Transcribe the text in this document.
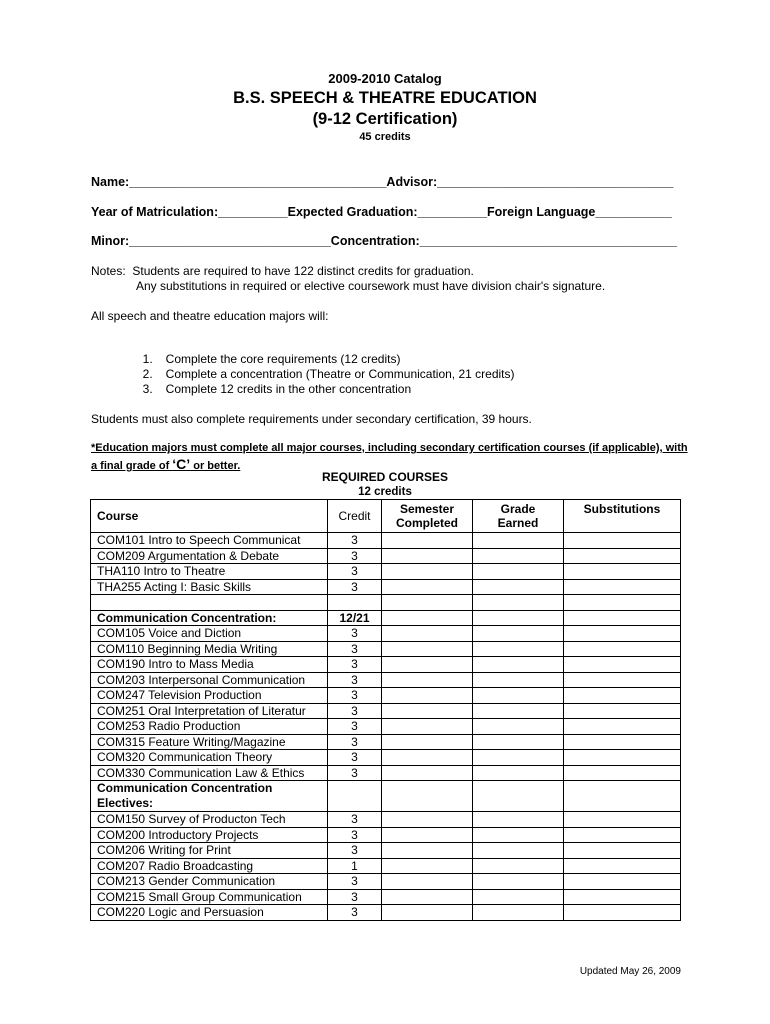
2009-2010 Catalog
B.S. SPEECH & THEATRE EDUCATION
(9-12 Certification)
45 credits
Name:_____________________________________Advisor:__________________________________
Year of Matriculation:__________Expected Graduation:__________Foreign Language___________
Minor:_____________________________Concentration:_____________________________________
Notes:  Students are required to have 122 distinct credits for graduation.
Any substitutions in required or elective coursework must have division chair's signature.
All speech and theatre education majors will:

1. Complete the core requirements (12 credits)

2. Complete a concentration (Theatre or Communication, 21 credits)

3. Complete 12 credits in the other concentration

Students must also complete requirements under secondary certification, 39 hours.
*Education majors must complete all major courses, including secondary certification courses (if applicable), with a final grade of ‘C’ or better.
REQUIRED COURSES
12 credits
Course	Credit	Semester Completed	Grade Earned	Substitutions
COM101 Intro to Speech Communicat	3			
COM209 Argumentation & Debate	3			
THA110 Intro to Theatre	3			
THA255 Acting I: Basic Skills	3			

Communication Concentration:	12/21			
COM105 Voice and Diction	3			
COM110 Beginning Media Writing	3			
COM190 Intro to Mass Media	3			
COM203 Interpersonal Communication	3			
COM247 Television Production	3			
COM251 Oral Interpretation of Literatur	3			
COM253 Radio Production	3			
COM315 Feature Writing/Magazine	3			
COM320 Communication Theory	3			
COM330 Communication Law & Ethics	3			
Communication Concentration Electives:				
COM150 Survey of Producton Tech	3			
COM200 Introductory Projects	3			
COM206 Writing for Print	3			
COM207 Radio Broadcasting	1			
COM213 Gender Communication	3			
COM215 Small Group Communication	3			
COM220 Logic and Persuasion	3			
Updated May 26, 2009
